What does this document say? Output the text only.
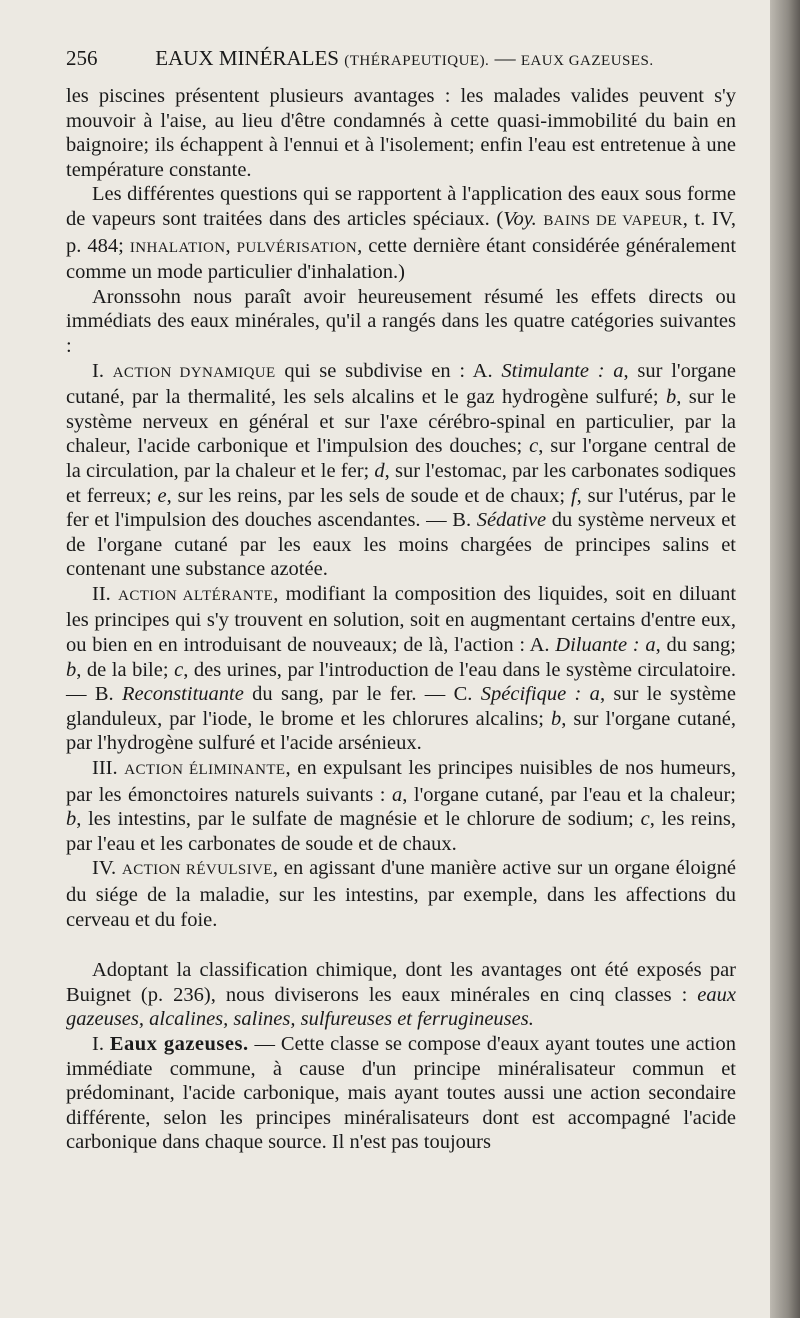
256	EAUX MINÉRALES (THÉRAPEUTIQUE). — EAUX GAZEUSES.

les piscines présentent plusieurs avantages : les malades valides peuvent s'y mouvoir à l'aise, au lieu d'être condamnés à cette quasi-immobilité du bain en baignoire; ils échappent à l'ennui et à l'isolement; enfin l'eau est entretenue à une température constante.

Les différentes questions qui se rapportent à l'application des eaux sous forme de vapeurs sont traitées dans des articles spéciaux. (Voy. BAINS DE VAPEUR, t. IV, p. 484; INHALATION, PULVÉRISATION, cette dernière étant considérée généralement comme un mode particulier d'inhalation.)

Aronssohn nous paraît avoir heureusement résumé les effets directs ou immédiats des eaux minérales, qu'il a rangés dans les quatre catégories suivantes :

I. ACTION DYNAMIQUE qui se subdivise en : A. Stimulante : a, sur l'organe cutané, par la thermalité, les sels alcalins et le gaz hydrogène sulfuré; b, sur le système nerveux en général et sur l'axe cérébro-spinal en particulier, par la chaleur, l'acide carbonique et l'impulsion des douches; c, sur l'organe central de la circulation, par la chaleur et le fer; d, sur l'estomac, par les carbonates sodiques et ferreux; e, sur les reins, par les sels de soude et de chaux; f, sur l'utérus, par le fer et l'impulsion des douches ascendantes. — B. Sédative du système nerveux et de l'organe cutané par les eaux les moins chargées de principes salins et contenant une substance azotée.

II. ACTION ALTÉRANTE, modifiant la composition des liquides, soit en diluant les principes qui s'y trouvent en solution, soit en augmentant certains d'entre eux, ou bien en en introduisant de nouveaux; de là, l'action : A. Diluante : a, du sang; b, de la bile; c, des urines, par l'introduction de l'eau dans le système circulatoire. — B. Reconstituante du sang, par le fer. — C. Spécifique : a, sur le système glanduleux, par l'iode, le brome et les chlorures alcalins; b, sur l'organe cutané, par l'hydrogène sulfuré et l'acide arsénieux.

III. ACTION ÉLIMINANTE, en expulsant les principes nuisibles de nos humeurs, par les émonctoires naturels suivants : a, l'organe cutané, par l'eau et la chaleur; b, les intestins, par le sulfate de magnésie et le chlorure de sodium; c, les reins, par l'eau et les carbonates de soude et de chaux.

IV. ACTION RÉVULSIVE, en agissant d'une manière active sur un organe éloigné du siége de la maladie, sur les intestins, par exemple, dans les affections du cerveau et du foie.

Adoptant la classification chimique, dont les avantages ont été exposés par Buignet (p. 236), nous diviserons les eaux minérales en cinq classes : eaux gazeuses, alcalines, salines, sulfureuses et ferrugineuses.

I. Eaux gazeuses. — Cette classe se compose d'eaux ayant toutes une action immédiate commune, à cause d'un principe minéralisateur commun et prédominant, l'acide carbonique, mais ayant toutes aussi une action secondaire différente, selon les principes minéralisateurs dont est accompagné l'acide carbonique dans chaque source. Il n'est pas toujours
